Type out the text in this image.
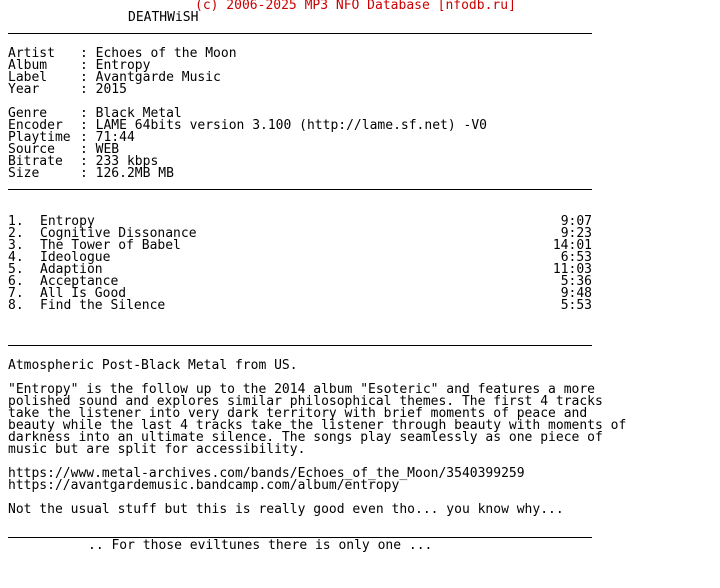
(c) 2006-2025 MP3 NFO Database [nfodb.ru]
DEATHWiSH
Artist : Echoes of the Moon
Album	: Entropy
Label	: Avantgarde Music
Year	: 2015
Genre	: Black Metal
Encoder : LAME 64bits version 3.100 (http://lame.sf.net) -V0
Playtime : 71:44
Source : WEB
Bitrate : 233 kbps
Size	: 126.2MB MB
1. Entropy	9:07
2. Cognitive Dissonance	9:23
3. The Tower of Babel	14:01
4. Ideologue	6:53
5. Adaption	11:03
6. Acceptance	5:36
7. All Is Good	9:48
8. Find the Silence	5:53
Atmospheric Post-Black Metal from US.
"Entropy" is the follow up to the 2014 album "Esoteric" and features a more
polished sound and explores similar philosophical themes. The first 4 tracks
take the listener into very dark territory with brief moments of peace and
beauty while the last 4 tracks take the listener through beauty with moments of
darkness into an ultimate silence. The songs play seamlessly as one piece of
music but are split for accessibility.
https://www.metal-archives.com/bands/Echoes_of_the_Moon/3540399259
https://avantgardemusic.bandcamp.com/album/entropy
Not the usual stuff but this is really good even tho... you know why...
.. For those eviltunes there is only one ...
